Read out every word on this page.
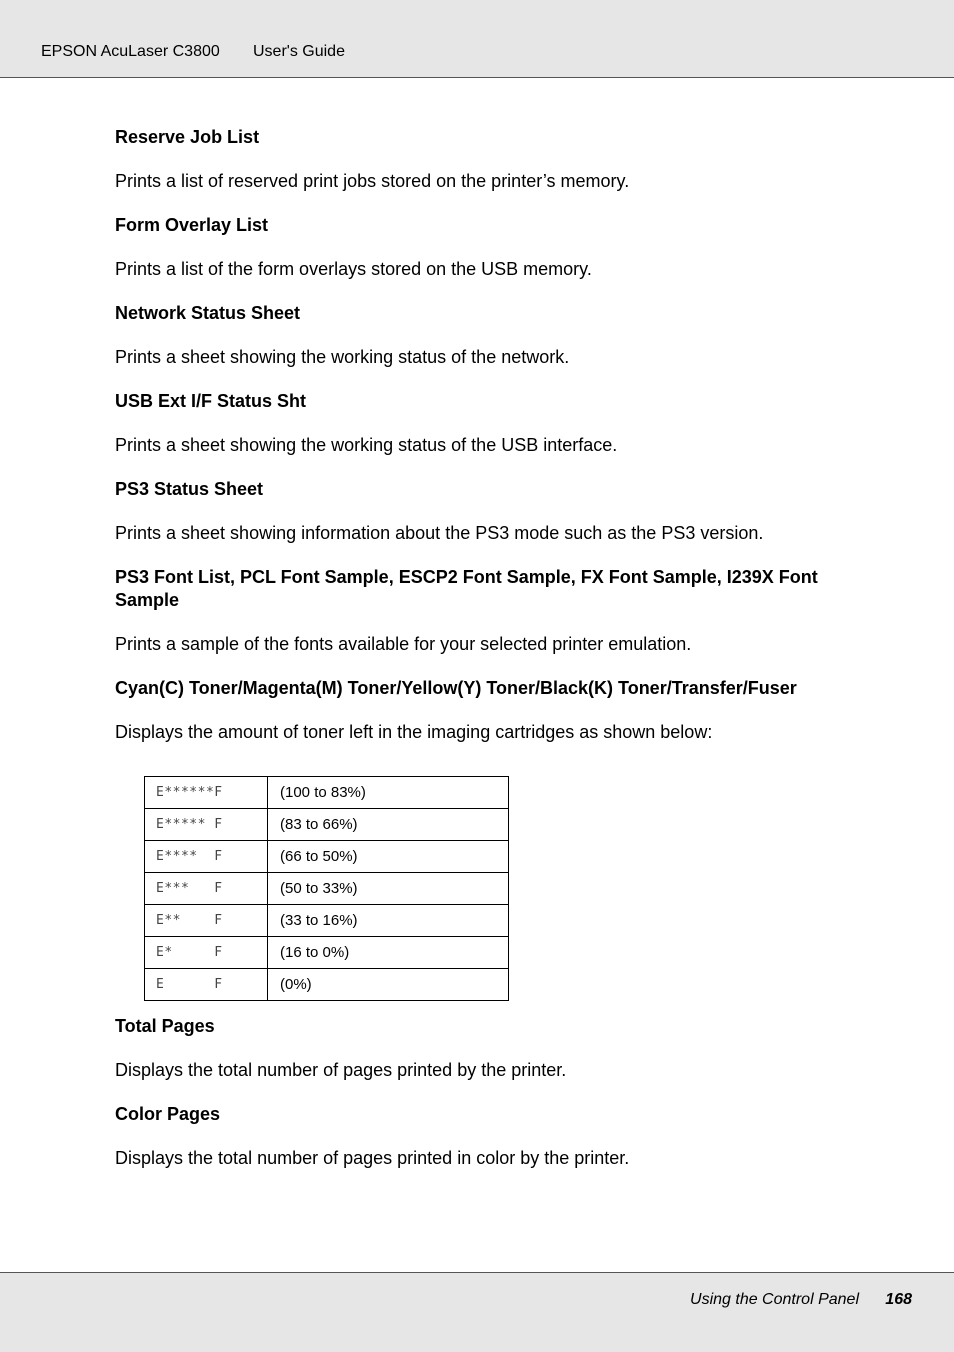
EPSON AcuLaser C3800 User's Guide
Reserve Job List

Prints a list of reserved print jobs stored on the printer’s memory.

Form Overlay List

Prints a list of the form overlays stored on the USB memory.

Network Status Sheet

Prints a sheet showing the working status of the network.

USB Ext I/F Status Sht

Prints a sheet showing the working status of the USB interface.

PS3 Status Sheet

Prints a sheet showing information about the PS3 mode such as the PS3 version.

PS3 Font List, PCL Font Sample, ESCP2 Font Sample, FX Font Sample, I239X Font Sample

Prints a sample of the fonts available for your selected printer emulation.

Cyan(C) Toner/Magenta(M) Toner/Yellow(Y) Toner/Black(K) Toner/Transfer/Fuser

Displays the amount of toner left in the imaging cartridges as shown below:

E******F	(100 to 83%)
E***** F	(83 to 66%)
E****  F	(66 to 50%)
E***   F	(50 to 33%)
E**    F	(33 to 16%)
E*     F	(16 to 0%)
E      F	(0%)
Total Pages

Displays the total number of pages printed by the printer.

Color Pages

Displays the total number of pages printed in color by the printer.

Using the Control Panel 168
